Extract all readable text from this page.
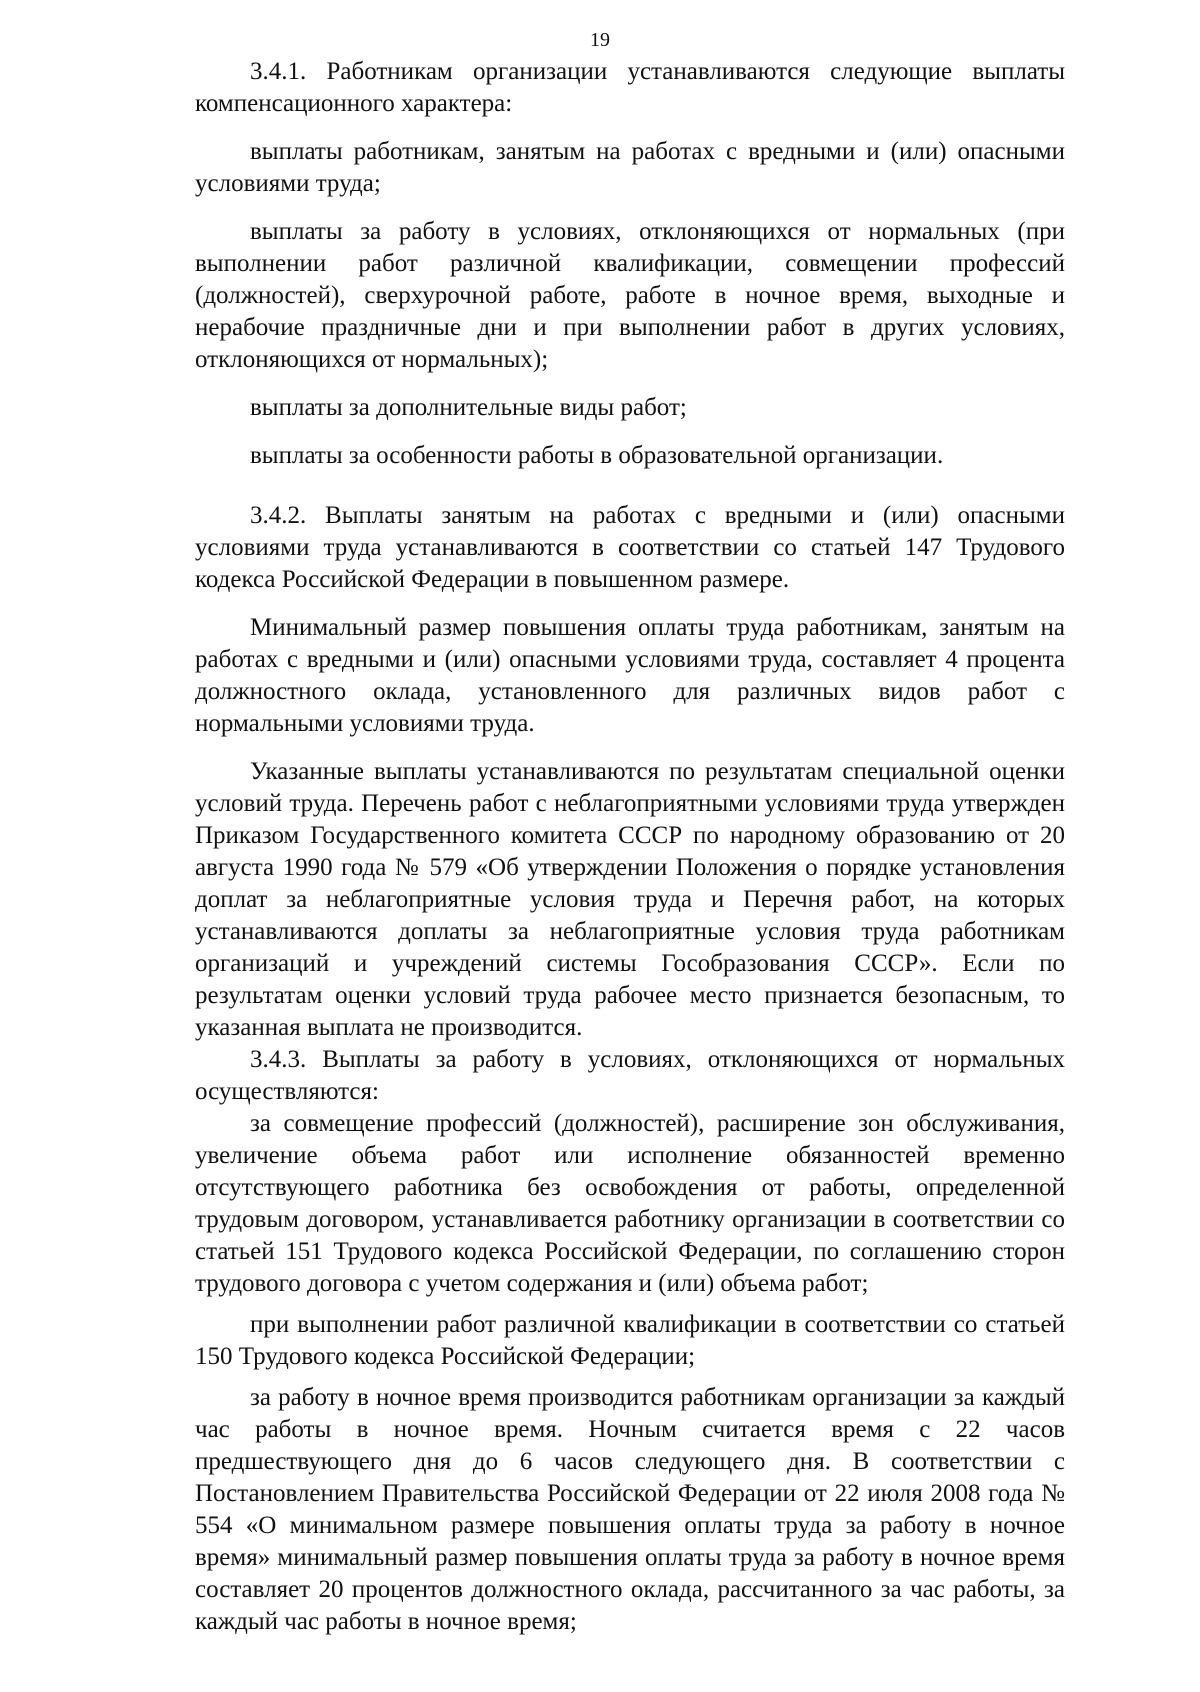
19

3.4.1. Работникам организации устанавливаются следующие выплаты компенсационного характера:

выплаты работникам, занятым на работах с вредными и (или) опасными условиями труда;

выплаты за работу в условиях, отклоняющихся от нормальных (при выполнении работ различной квалификации, совмещении профессий (должностей), сверхурочной работе, работе в ночное время, выходные и нерабочие праздничные дни и при выполнении работ в других условиях, отклоняющихся от нормальных);

выплаты за дополнительные виды работ;

выплаты за особенности работы в образовательной организации.

3.4.2. Выплаты занятым на работах с вредными и (или) опасными условиями труда устанавливаются в соответствии со статьей 147 Трудового кодекса Российской Федерации в повышенном размере.

Минимальный размер повышения оплаты труда работникам, занятым на работах с вредными и (или) опасными условиями труда, составляет 4 процента должностного оклада, установленного для различных видов работ с нормальными условиями труда.

Указанные выплаты устанавливаются по результатам специальной оценки условий труда. Перечень работ с неблагоприятными условиями труда утвержден Приказом Государственного комитета СССР по народному образованию от 20 августа 1990 года № 579 «Об утверждении Положения о порядке установления доплат за неблагоприятные условия труда и Перечня работ, на которых устанавливаются доплаты за неблагоприятные условия труда работникам организаций и учреждений системы Гособразования СССР». Если по результатам оценки условий труда рабочее место признается безопасным, то указанная выплата не производится.

3.4.3. Выплаты за работу в условиях, отклоняющихся от нормальных осуществляются:

за совмещение профессий (должностей), расширение зон обслуживания, увеличение объема работ или исполнение обязанностей временно отсутствующего работника без освобождения от работы, определенной трудовым договором, устанавливается работнику организации в соответствии со статьей 151 Трудового кодекса Российской Федерации, по соглашению сторон трудового договора с учетом содержания и (или) объема работ;

при выполнении работ различной квалификации в соответствии со статьей 150 Трудового кодекса Российской Федерации;

за работу в ночное время производится работникам организации за каждый час работы в ночное время. Ночным считается время с 22 часов предшествующего дня до 6 часов следующего дня. В соответствии с Постановлением Правительства Российской Федерации от 22 июля 2008 года № 554 «О минимальном размере повышения оплаты труда за работу в ночное время» минимальный размер повышения оплаты труда за работу в ночное время составляет 20 процентов должностного оклада, рассчитанного за час работы, за каждый час работы в ночное время;
